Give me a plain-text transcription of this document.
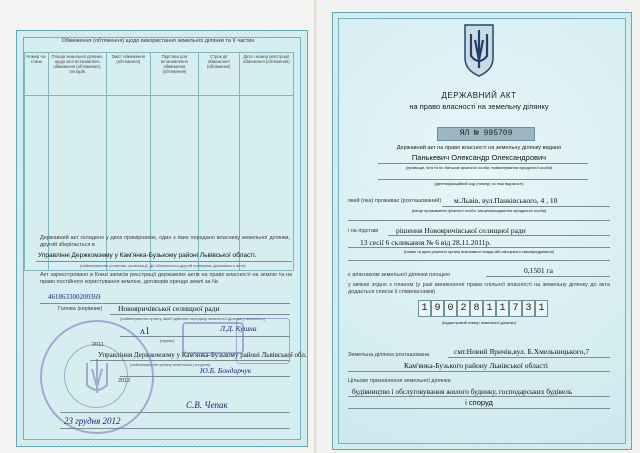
Обмеження (обтяження) щодо використання земельної ділянки та її частин
Номер ча-стини	Площа земельної ділянки, щодо якої встановлено обмеження (обтяження), гектарів	Зміст обмеження (обтяження)	Підстави для встановлення обмеження (обтяження)	Строк дії обмеження (обтяження)	Дата і номер реєстрації обмеження (обтяження)

Державний акт складено у двох примірниках, один з яких передано власнику земельної ділянки, другий зберігається в
Управлінні Держкомзему у Кам'янка-Бузькому районі Львівської області.
(найменування установи, організації, де зберігається другий примірник державного акта)
Акт зареєстровано в Книзі записів реєстрації державних актів на право власності на землю та на право постійного користування землею, договорів оренди землі за №
461863300200369
Голова (керівник) Новояричівської селищної ради
(найменування органу, який здійснив передачу земельної ділянки у власність)
ᴧ1	Л.Д. Кушна
(підпис)
2011
Управління Держкомзему у Кам'янка-Бузькому районі Львівської обл.
(найменування органу земельних ресурсів)
2012
Ю.Б. Бондарчук
С.В. Чепак
23 грудня 2012
ДЕРЖАВНИЙ АКТ
на право власності на земельну ділянку
ЯЛ № 995709
Державний акт на право власності на земельну ділянку видано
Панькевич Олександр Олександрович
(прізвище, ім'я та по батькові фізичної особи, найменування юридичної особи)
(ідентифікаційний код (номер) та інші відомості)
який (яка) проживає (розташований) м.Львів, вул.Панківського, 4 , 10
(місце проживання фізичної особи, місцезнаходження юридичної особи)
і на підставі рішення Новояричівської селищної ради
13 сесії 6 скликання № 6 від 28.11.2011р.
(назва та дата рішення органу виконавчої влади або місцевого самоврядування)
є власником земельної ділянки площею	0,1501 га
у межах згідно з планом (у разі виникнення права спільної власності на земельну ділянку до акта додається список її співвласників)
1 9 0 2 8 1 1 7 3 1
(кадастровий номер земельної ділянки)
Земельна ділянка розташована	смт.Новий Яричів,вул. Б.Хмельницького,7
Кам'янка-Бузького району Львівської області
Цільове призначення земельної ділянки
будівництво і обслуговування жилого будинку, господарських будівель
і споруд
